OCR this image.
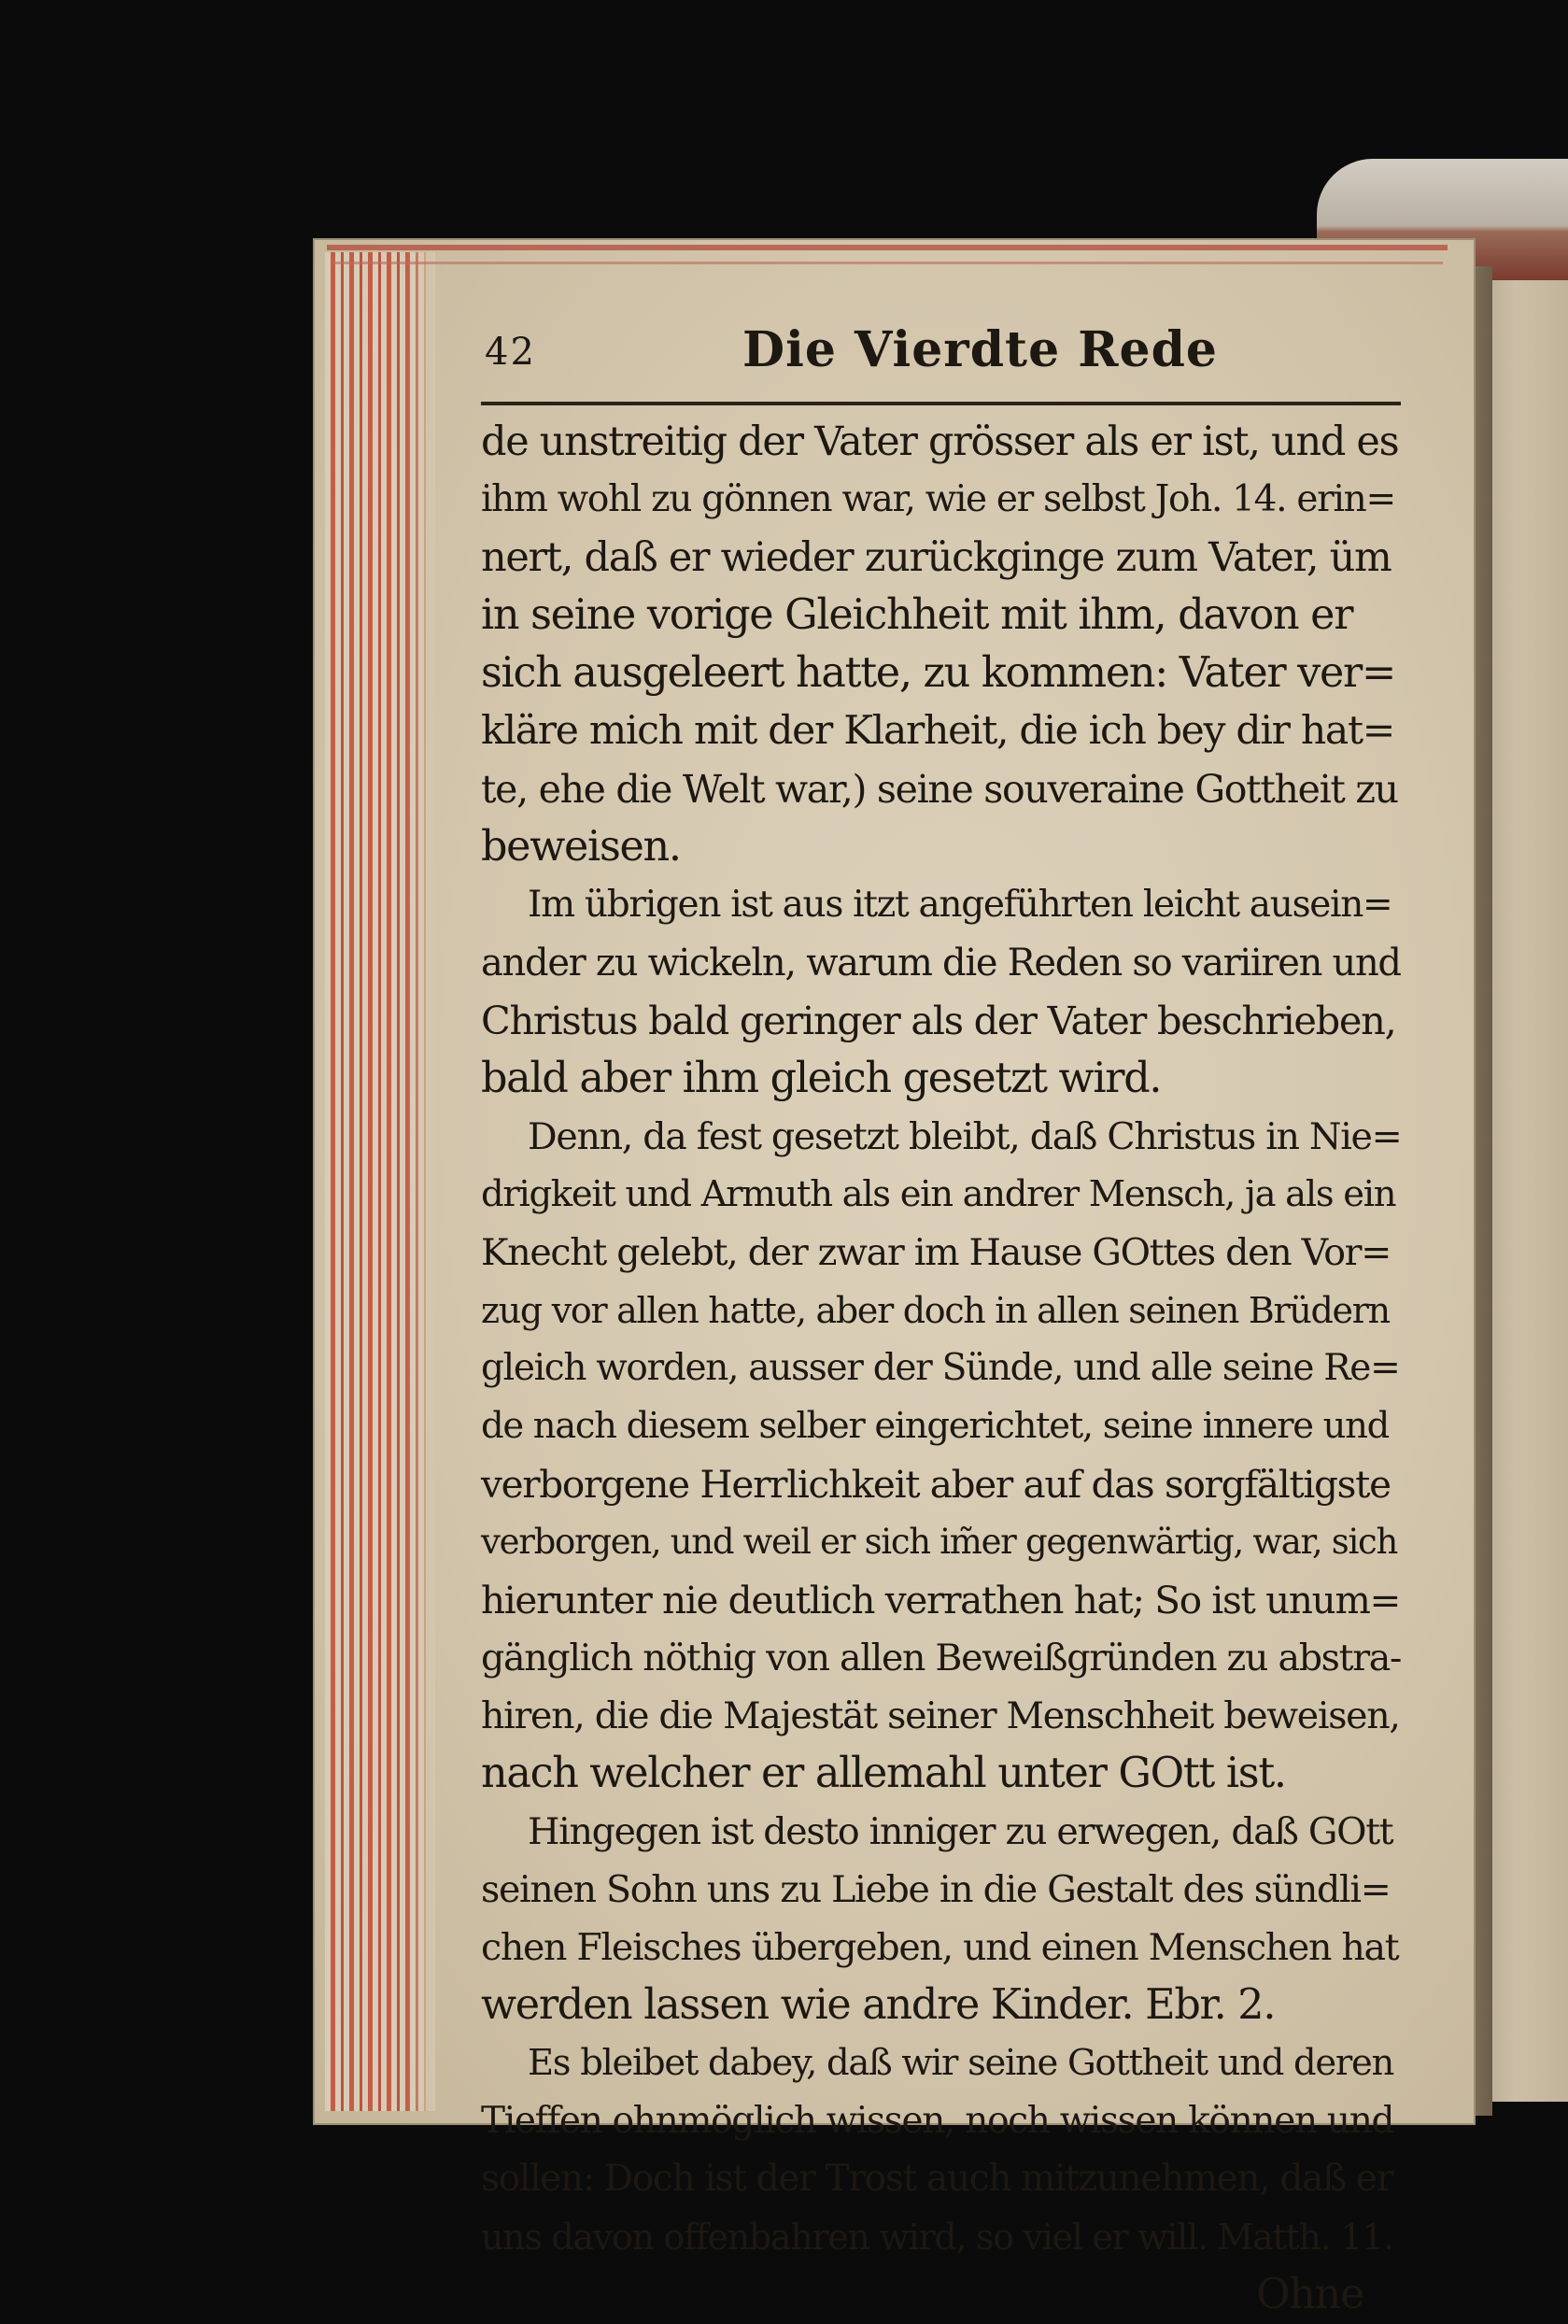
42	Die Vierdte Rede
de unstreitig der Vater grösser als er ist, und es
ihm wohl zu gönnen war, wie er selbst Joh. 14. erin=
nert, daß er wieder zurückginge zum Vater, üm
in seine vorige Gleichheit mit ihm, davon er
sich ausgeleert hatte, zu kommen: Vater ver=
kläre mich mit der Klarheit, die ich bey dir hat=
te, ehe die Welt war,) seine souveraine Gottheit zu
beweisen.
Im übrigen ist aus itzt angeführten leicht ausein=
ander zu wickeln, warum die Reden so variiren und
Christus bald geringer als der Vater beschrieben,
bald aber ihm gleich gesetzt wird.
Denn, da fest gesetzt bleibt, daß Christus in Nie=
drigkeit und Armuth als ein andrer Mensch, ja als ein
Knecht gelebt, der zwar im Hause GOttes den Vor=
zug vor allen hatte, aber doch in allen seinen Brüdern
gleich worden, ausser der Sünde, und alle seine Re=
de nach diesem selber eingerichtet, seine innere und
verborgene Herrlichkeit aber auf das sorgfältigste
verborgen, und weil er sich im̃er gegenwärtig, war, sich
hierunter nie deutlich verrathen hat; So ist unum=
gänglich nöthig von allen Beweißgründen zu abstra-
hiren, die die Majestät seiner Menschheit beweisen,
nach welcher er allemahl unter GOtt ist.
Hingegen ist desto inniger zu erwegen, daß GOtt
seinen Sohn uns zu Liebe in die Gestalt des sündli=
chen Fleisches übergeben, und einen Menschen hat
werden lassen wie andre Kinder. Ebr. 2.
Es bleibet dabey, daß wir seine Gottheit und deren
Tieffen ohnmöglich wissen, noch wissen können und
sollen: Doch ist der Trost auch mitzunehmen, daß er
uns davon offenbahren wird, so viel er will. Matth. 11.
Ohne
